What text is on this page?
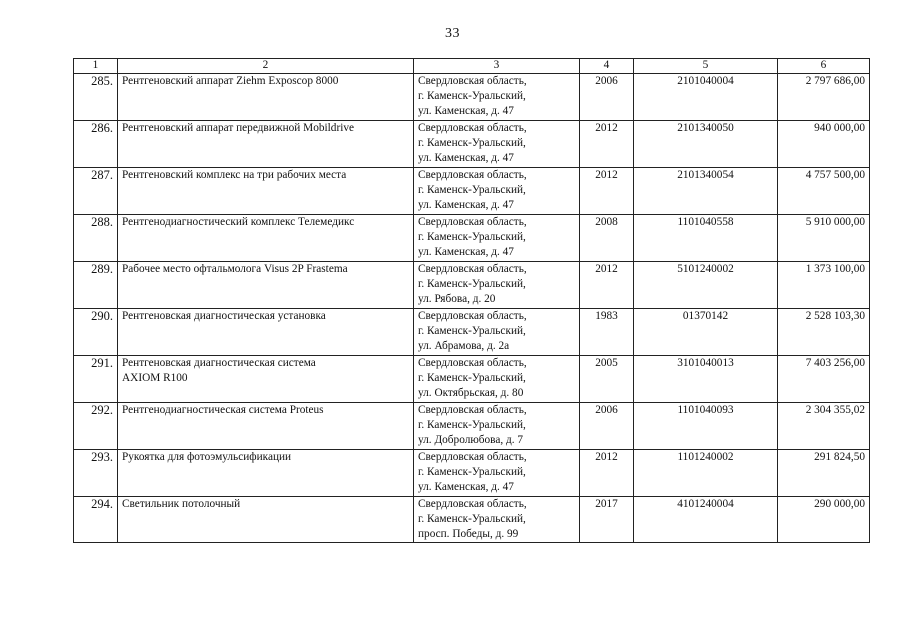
33
1	2	3	4	5	6
285.	Рентгеновский аппарат Ziehm Exposcop 8000	Свердловская область,
г. Каменск-Уральский,
ул. Каменская, д. 47	2006	2101040004	2 797 686,00
286.	Рентгеновский аппарат передвижной Mobildrive	Свердловская область,
г. Каменск-Уральский,
ул. Каменская, д. 47	2012	2101340050	940 000,00
287.	Рентгеновский комплекс на три рабочих места	Свердловская область,
г. Каменск-Уральский,
ул. Каменская, д. 47	2012	2101340054	4 757 500,00
288.	Рентгенодиагностический комплекс Телемедикс	Свердловская область,
г. Каменск-Уральский,
ул. Каменская, д. 47	2008	1101040558	5 910 000,00
289.	Рабочее место офтальмолога Visus 2P Frastema	Свердловская область,
г. Каменск-Уральский,
ул. Рябова, д. 20	2012	5101240002	1 373 100,00
290.	Рентгеновская диагностическая установка	Свердловская область,
г. Каменск-Уральский,
ул. Абрамова, д. 2а	1983	01370142	2 528 103,30
291.	Рентгеновская диагностическая система
AXIOM R100	Свердловская область,
г. Каменск-Уральский,
ул. Октябрьская, д. 80	2005	3101040013	7 403 256,00
292.	Рентгенодиагностическая система Proteus	Свердловская область,
г. Каменск-Уральский,
ул. Добролюбова, д. 7	2006	1101040093	2 304 355,02
293.	Рукоятка для фотоэмульсификации	Свердловская область,
г. Каменск-Уральский,
ул. Каменская, д. 47	2012	1101240002	291 824,50
294.	Светильник потолочный	Свердловская область,
г. Каменск-Уральский,
просп. Победы, д. 99	2017	4101240004	290 000,00
